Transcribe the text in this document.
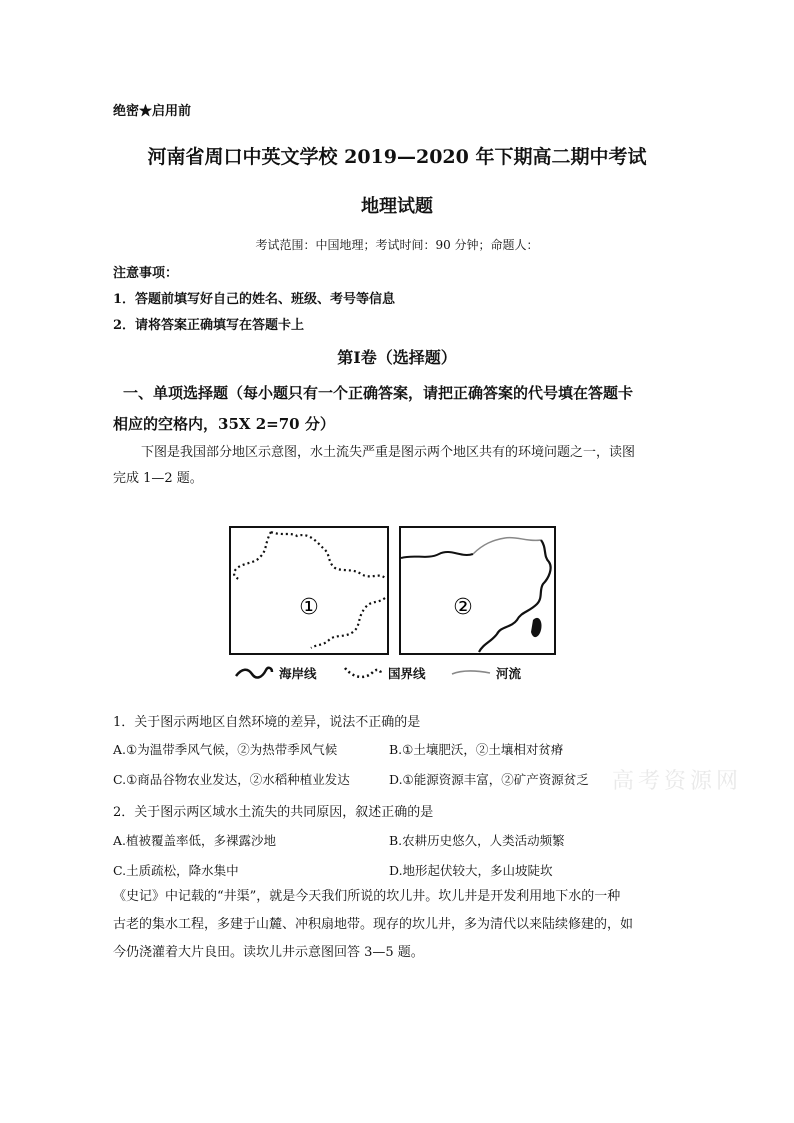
绝密★启用前
河南省周口中英文学校 2019—2020 年下期高二期中考试
地理试题
考试范围：中国地理；考试时间：90 分钟；命题人：
注意事项：
1．答题前填写好自己的姓名、班级、考号等信息
2．请将答案正确填写在答题卡上
第Ⅰ卷（选择题）
一、单项选择题（每小题只有一个正确答案，请把正确答案的代号填在答题卡
相应的空格内，35X 2=70 分）
下图是我国部分地区示意图，水土流失严重是图示两个地区共有的环境问题之一，读图
完成 1—2 题。
①	②
海岸线	国界线	河流
1．关于图示两地区自然环境的差异，说法不正确的是
A.①为温带季风气候，②为热带季风气候	B.①土壤肥沃，②土壤相对贫瘠
C.①商品谷物农业发达，②水稻种植业发达	D.①能源资源丰富，②矿产资源贫乏 高考资源网
2．关于图示两区域水土流失的共同原因，叙述正确的是
A.植被覆盖率低，多裸露沙地	B.农耕历史悠久，人类活动频繁
C.土质疏松，降水集中	D.地形起伏较大，多山坡陡坎
《史记》中记载的“井渠”，就是今天我们所说的坎儿井。坎儿井是开发利用地下水的一种
古老的集水工程，多建于山麓、冲积扇地带。现存的坎儿井，多为清代以来陆续修建的，如
今仍浇灌着大片良田。读坎儿井示意图回答 3—5 题。
